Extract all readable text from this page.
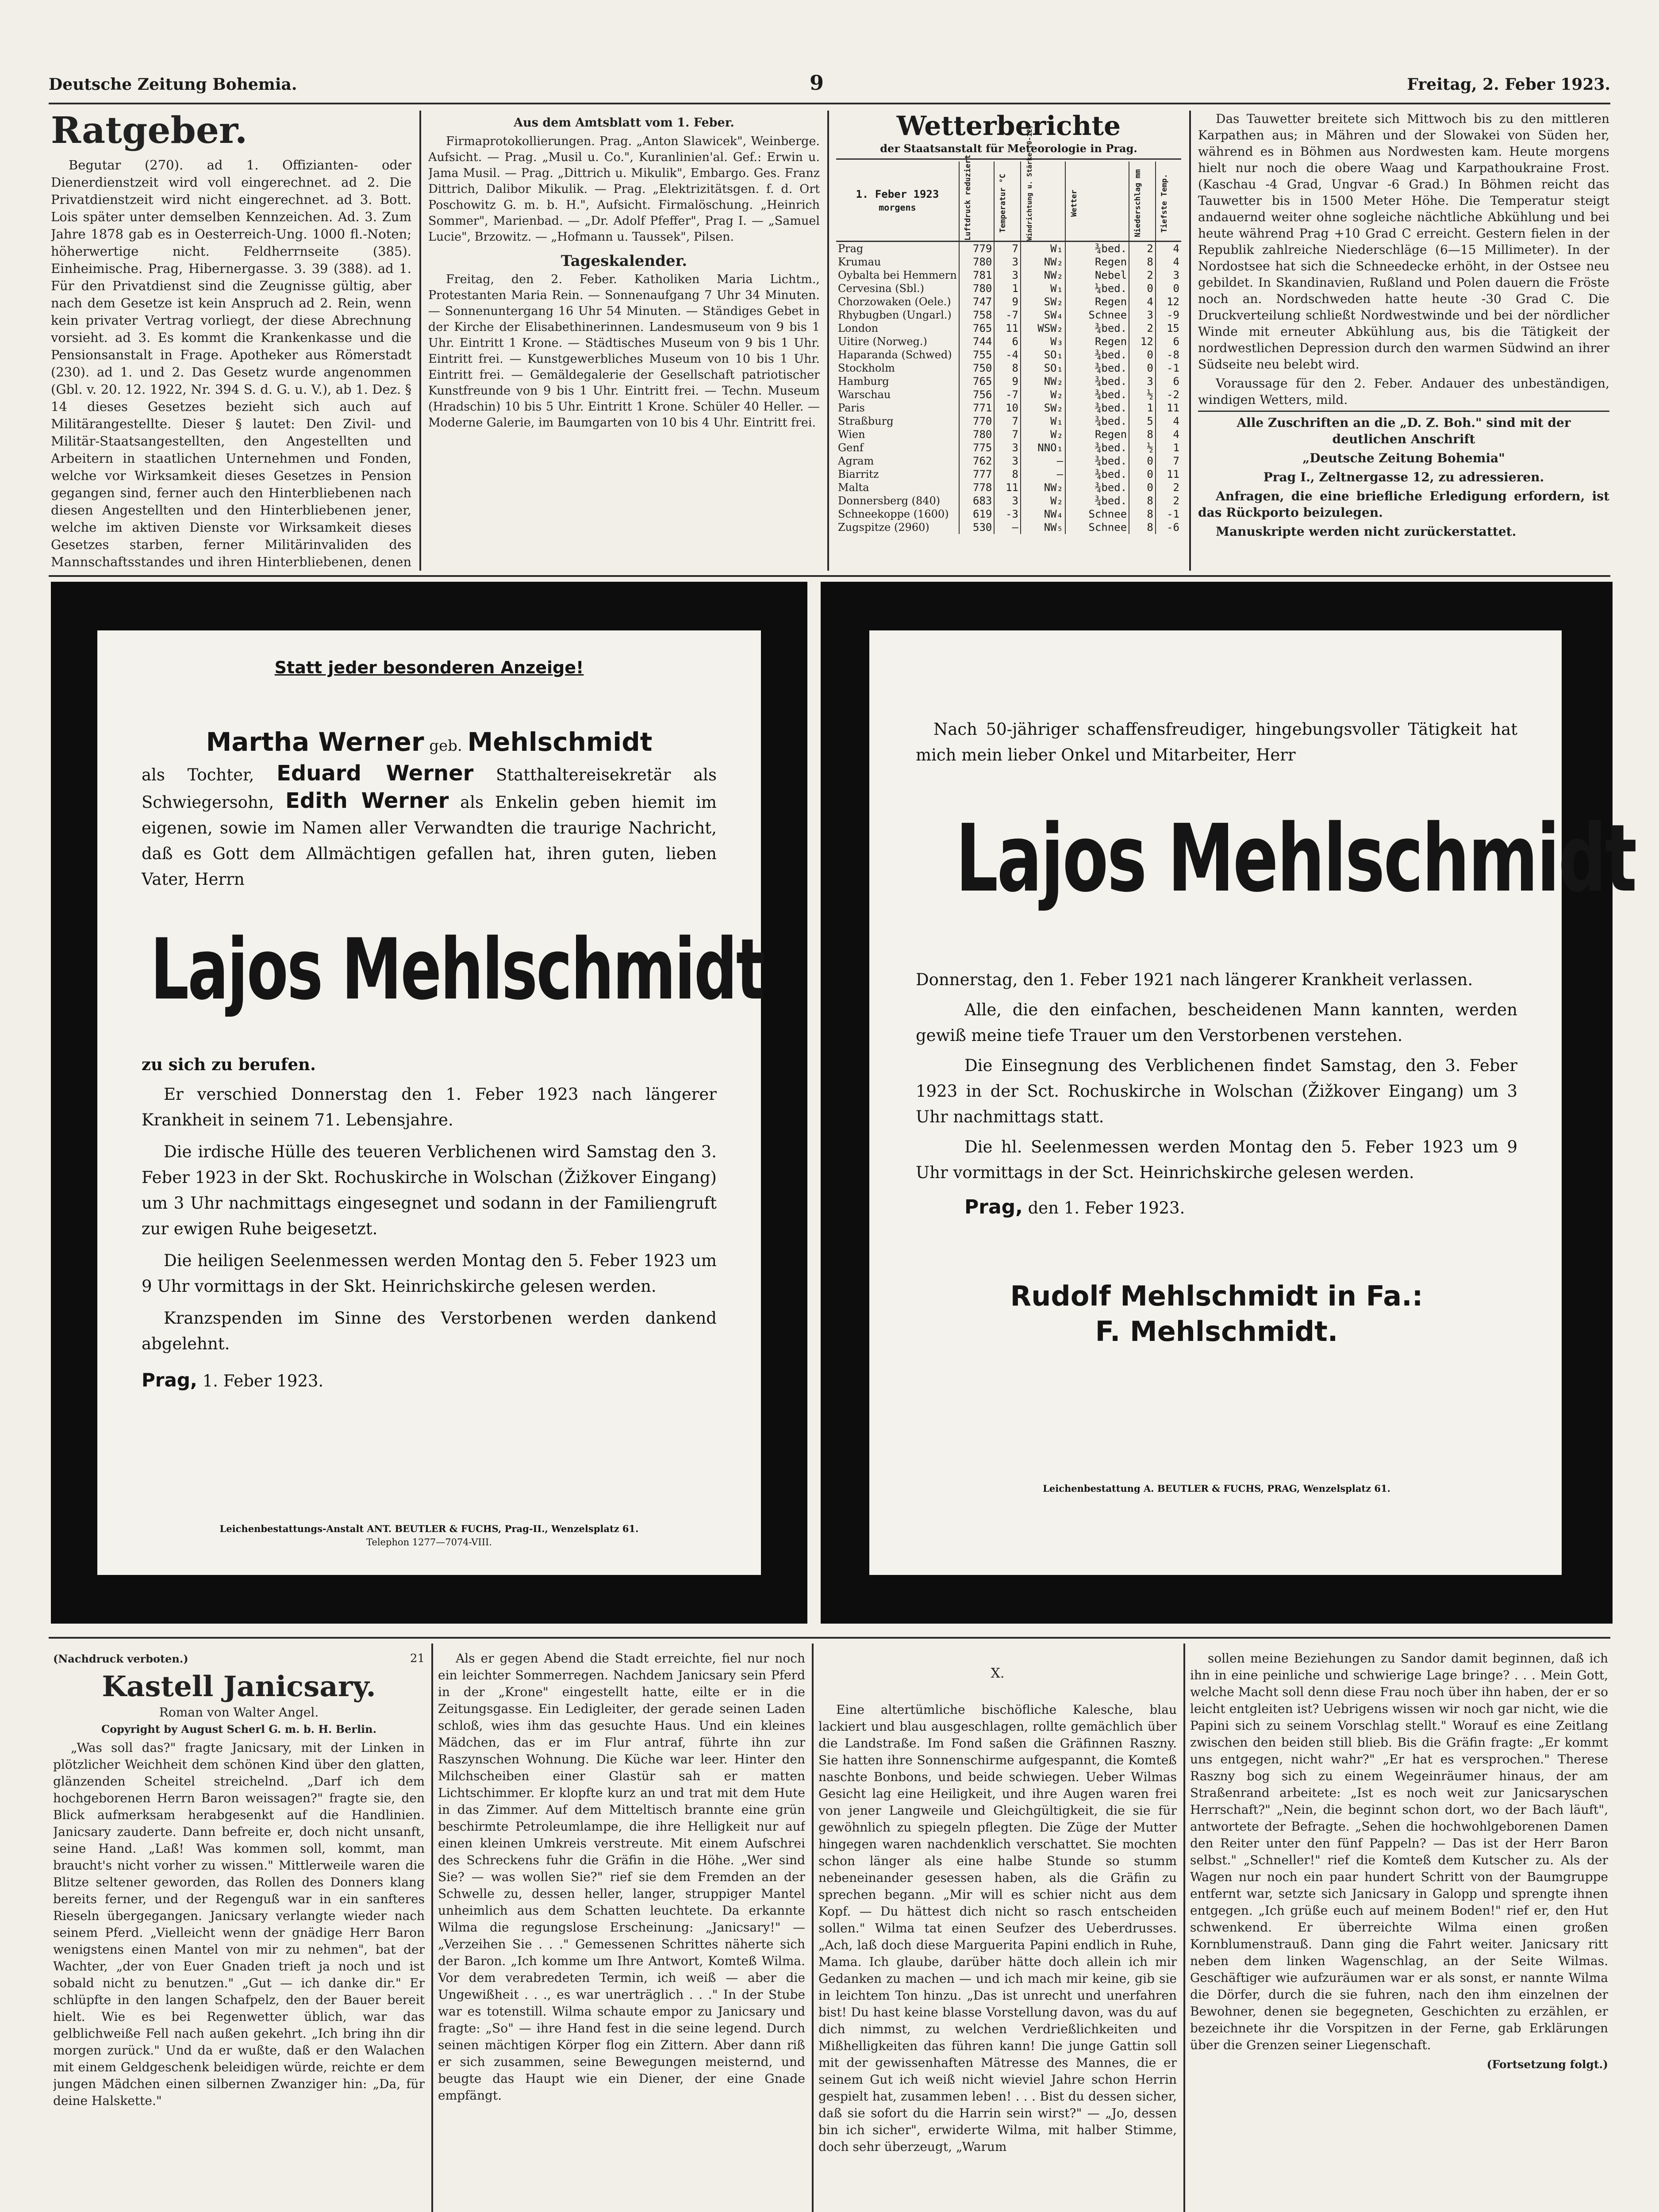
Deutsche Zeitung Bohemia.	9	Freitag, 2. Feber 1923.
Ratgeber.

Begutar (270). ad 1. Offizianten- oder Dienerdienstzeit wird voll eingerechnet. ad 2. Die Privatdienstzeit wird nicht eingerechnet. ad 3. Bott. Lois später unter demselben Kennzeichen. Ad. 3. Zum Jahre 1878 gab es in Oesterreich-Ung. 1000 fl.-Noten; höherwertige nicht. Feldherrnseite (385). Einheimische. Prag, Hibernergasse. 3. 39 (388). ad 1. Für den Privatdienst sind die Zeugnisse gültig, aber nach dem Gesetze ist kein Anspruch ad 2. Rein, wenn kein privater Vertrag vorliegt, der diese Abrechnung vorsieht. ad 3. Es kommt die Krankenkasse und die Pensionsanstalt in Frage. Apotheker aus Römerstadt (230). ad 1. und 2. Das Gesetz wurde angenommen (Gbl. v. 20. 12. 1922, Nr. 394 S. d. G. u. V.), ab 1. Dez. § 14 dieses Gesetzes bezieht sich auch auf Militärangestellte. Dieser § lautet: Den Zivil- und Militär-Staatsangestellten, den Angestellten und Arbeitern in staatlichen Unternehmen und Fonden, welche vor Wirksamkeit dieses Gesetzes in Pension gegangen sind, ferner auch den Hinterbliebenen nach diesen Angestellten und den Hinterbliebenen jener, welche im aktiven Dienste vor Wirksamkeit dieses Gesetzes starben, ferner Militärinvaliden des Mannschaftsstandes und ihren Hinterbliebenen, denen

Aus dem Amtsblatt vom 1. Feber.

Firmaprotokollierungen. Prag. „Anton Slawicek", Weinberge. Aufsicht. — Prag. „Musil u. Co.", Kuranlinien'al. Gef.: Erwin u. Jama Musil. — Prag. „Dittrich u. Mikulik", Embargo. Ges. Franz Dittrich, Dalibor Mikulik. — Prag. „Elektrizitätsgen. f. d. Ort Poschowitz G. m. b. H.", Aufsicht. Firmalöschung. „Heinrich Sommer", Marienbad. — „Dr. Adolf Pfeffer", Prag I. — „Samuel Lucie", Brzowitz. — „Hofmann u. Taussek", Pilsen.

Tageskalender.

Freitag, den 2. Feber. Katholiken Maria Lichtm., Protestanten Maria Rein. — Sonnenaufgang 7 Uhr 34 Minuten. — Sonnenuntergang 16 Uhr 54 Minuten. — Ständiges Gebet in der Kirche der Elisabethinerinnen. Landesmuseum von 9 bis 1 Uhr. Eintritt 1 Krone. — Städtisches Museum von 9 bis 1 Uhr. Eintritt frei. — Kunstgewerbliches Museum von 10 bis 1 Uhr. Eintritt frei. — Gemäldegalerie der Gesellschaft patriotischer Kunstfreunde von 9 bis 1 Uhr. Eintritt frei. — Techn. Museum (Hradschin) 10 bis 5 Uhr. Eintritt 1 Krone. Schüler 40 Heller. — Moderne Galerie, im Baumgarten von 10 bis 4 Uhr. Eintritt frei.

Wetterberichte
der Staatsanstalt für Meteorologie in Prag.
1. Feber 1923
morgens	Luftdruck reduziert	Temperatur °C	Windrichtung u. Stärke (0-12)	Wetter	Niederschlag mm	Tiefste Temp.

Prag	779	7	W₁	¾bed.	2	4
Krumau	780	3	NW₂	Regen	8	4
Oybalta bei Hemmern	781	3	NW₂	Nebel	2	3
Cervesina (Sbl.)	780	1	W₁	¼bed.	0	0
Chorzowaken (Oele.)	747	9	SW₂	Regen	4	12
Rhybugben (Ungarl.)	758	-7	SW₄	Schnee	3	-9
London	765	11	WSW₂	¾bed.	2	15
Uitire (Norweg.)	744	6	W₃	Regen	12	6
Haparanda (Schwed)	755	-4	SO₁	¾bed.	0	-8
Stockholm	750	8	SO₁	¾bed.	0	-1
Hamburg	765	9	NW₂	¾bed.	3	6
Warschau	756	-7	W₂	¾bed.	½	-2
Paris	771	10	SW₂	¾bed.	1	11
Straßburg	770	7	W₁	¾bed.	5	4
Wien	780	7	W₂	Regen	8	4
Genf	775	3	NNO₁	¾bed.	½	1
Agram	762	3	—	¾bed.	0	7
Biarritz	777	8	—	¾bed.	0	11
Malta	778	11	NW₂	¾bed.	0	2
Donnersberg (840)	683	3	W₂	¾bed.	8	2
Schneekoppe (1600)	619	-3	NW₄	Schnee	8	-1
Zugspitze (2960)	530	—	NW₅	Schnee	8	-6

Das Tauwetter breitete sich Mittwoch bis zu den mittleren Karpathen aus; in Mähren und der Slowakei von Süden her, während es in Böhmen aus Nordwesten kam. Heute morgens hielt nur noch die obere Waag und Karpathoukraine Frost. (Kaschau -4 Grad, Ungvar -6 Grad.) In Böhmen reicht das Tauwetter bis in 1500 Meter Höhe. Die Temperatur steigt andauernd weiter ohne sogleiche nächtliche Abkühlung und bei heute während Prag +10 Grad C erreicht. Gestern fielen in der Republik zahlreiche Niederschläge (6—15 Millimeter). In der Nordostsee hat sich die Schneedecke erhöht, in der Ostsee neu gebildet. In Skandinavien, Rußland und Polen dauern die Fröste noch an. Nordschweden hatte heute -30 Grad C. Die Druckverteilung schließt Nordwestwinde und bei der nördlicher Winde mit erneuter Abkühlung aus, bis die Tätigkeit der nordwestlichen Depression durch den warmen Südwind an ihrer Südseite neu belebt wird.

Voraussage für den 2. Feber. Andauer des unbeständigen, windigen Wetters, mild.

Alle Zuschriften an die „D. Z. Boh." sind mit der deutlichen Anschrift

„Deutsche Zeitung Bohemia"

Prag I., Zeltnergasse 12, zu adressieren.

Anfragen, die eine briefliche Erledigung erfordern, ist das Rückporto beizulegen.

Manuskripte werden nicht zurückerstattet.

Statt jeder besonderen Anzeige!

Martha Werner geb. Mehlschmidt

als Tochter, Eduard Werner Statthaltereisekretär als Schwiegersohn, Edith Werner als Enkelin geben hiemit im eigenen, sowie im Namen aller Verwandten die traurige Nachricht, daß es Gott dem Allmächtigen gefallen hat, ihren guten, lieben Vater, Herrn

Lajos Mehlschmidt

zu sich zu berufen.

Er verschied Donnerstag den 1. Feber 1923 nach längerer Krankheit in seinem 71. Lebensjahre.

Die irdische Hülle des teueren Verblichenen wird Samstag den 3. Feber 1923 in der Skt. Rochuskirche in Wolschan (Žižkover Eingang) um 3 Uhr nachmittags eingesegnet und sodann in der Familiengruft zur ewigen Ruhe beigesetzt.

Die heiligen Seelenmessen werden Montag den 5. Feber 1923 um 9 Uhr vormittags in der Skt. Heinrichskirche gelesen werden.

Kranzspenden im Sinne des Verstorbenen werden dankend abgelehnt.

Prag, 1. Feber 1923.

Leichenbestattungs-Anstalt ANT. BEUTLER & FUCHS, Prag-II., Wenzelsplatz 61.

Telephon 1277—7074-VIII.

Nach 50-jähriger schaffensfreudiger, hingebungsvoller Tätigkeit hat mich mein lieber Onkel und Mitarbeiter, Herr

Lajos Mehlschmidt

Donnerstag, den 1. Feber 1921 nach längerer Krankheit verlassen.

Alle, die den einfachen, bescheidenen Mann kannten, werden gewiß meine tiefe Trauer um den Verstorbenen verstehen.

Die Einsegnung des Verblichenen findet Samstag, den 3. Feber 1923 in der Sct. Rochuskirche in Wolschan (Žižkover Eingang) um 3 Uhr nachmittags statt.

Die hl. Seelenmessen werden Montag den 5. Feber 1923 um 9 Uhr vormittags in der Sct. Heinrichskirche gelesen werden.

Prag, den 1. Feber 1923.

Rudolf Mehlschmidt in Fa.:

F. Mehlschmidt.

Leichenbestattung A. BEUTLER & FUCHS, PRAG, Wenzelsplatz 61.

(Nachdruck verboten.)	21
Kastell Janicsary.
Roman von Walter Angel.
Copyright by August Scherl G. m. b. H. Berlin.

„Was soll das?" fragte Janicsary, mit der Linken in plötzlicher Weichheit dem schönen Kind über den glatten, glänzenden Scheitel streichelnd. „Darf ich dem hochgeborenen Herrn Baron weissagen?" fragte sie, den Blick aufmerksam herabgesenkt auf die Handlinien. Janicsary zauderte. Dann befreite er, doch nicht unsanft, seine Hand. „Laß! Was kommen soll, kommt, man braucht's nicht vorher zu wissen." Mittlerweile waren die Blitze seltener geworden, das Rollen des Donners klang bereits ferner, und der Regenguß war in ein sanfteres Rieseln übergegangen. Janicsary verlangte wieder nach seinem Pferd. „Vielleicht wenn der gnädige Herr Baron wenigstens einen Mantel von mir zu nehmen", bat der Wachter, „der von Euer Gnaden trieft ja noch und ist sobald nicht zu benutzen." „Gut — ich danke dir." Er schlüpfte in den langen Schafpelz, den der Bauer bereit hielt. Wie es bei Regenwetter üblich, war das gelblichweiße Fell nach außen gekehrt. „Ich bring ihn dir morgen zurück." Und da er wußte, daß er den Walachen mit einem Geldgeschenk beleidigen würde, reichte er dem jungen Mädchen einen silbernen Zwanziger hin: „Da, für deine Halskette."

Als er gegen Abend die Stadt erreichte, fiel nur noch ein leichter Sommerregen. Nachdem Janicsary sein Pferd in der „Krone" eingestellt hatte, eilte er in die Zeitungsgasse. Ein Ledigleiter, der gerade seinen Laden schloß, wies ihm das gesuchte Haus. Und ein kleines Mädchen, das er im Flur antraf, führte ihn zur Raszynschen Wohnung. Die Küche war leer. Hinter den Milchscheiben einer Glastür sah er matten Lichtschimmer. Er klopfte kurz an und trat mit dem Hute in das Zimmer. Auf dem Mitteltisch brannte eine grün beschirmte Petroleumlampe, die ihre Helligkeit nur auf einen kleinen Umkreis verstreute. Mit einem Aufschrei des Schreckens fuhr die Gräfin in die Höhe. „Wer sind Sie? — was wollen Sie?" rief sie dem Fremden an der Schwelle zu, dessen heller, langer, struppiger Mantel unheimlich aus dem Schatten leuchtete. Da erkannte Wilma die regungslose Erscheinung: „Janicsary!" — „Verzeihen Sie . . ." Gemessenen Schrittes näherte sich der Baron. „Ich komme um Ihre Antwort, Komteß Wilma. Vor dem verabredeten Termin, ich weiß — aber die Ungewißheit . . ., es war unerträglich . . ." In der Stube war es totenstill. Wilma schaute empor zu Janicsary und fragte: „So" — ihre Hand fest in die seine legend. Durch seinen mächtigen Körper flog ein Zittern. Aber dann riß er sich zusammen, seine Bewegungen meisternd, und beugte das Haupt wie ein Diener, der eine Gnade empfängt.

X.

Eine altertümliche bischöfliche Kalesche, blau lackiert und blau ausgeschlagen, rollte gemächlich über die Landstraße. Im Fond saßen die Gräfinnen Raszny. Sie hatten ihre Sonnenschirme aufgespannt, die Komteß naschte Bonbons, und beide schwiegen. Ueber Wilmas Gesicht lag eine Heiligkeit, und ihre Augen waren frei von jener Langweile und Gleichgültigkeit, die sie für gewöhnlich zu spiegeln pflegten. Die Züge der Mutter hingegen waren nachdenklich verschattet. Sie mochten schon länger als eine halbe Stunde so stumm nebeneinander gesessen haben, als die Gräfin zu sprechen begann. „Mir will es schier nicht aus dem Kopf. — Du hättest dich nicht so rasch entscheiden sollen." Wilma tat einen Seufzer des Ueberdrusses. „Ach, laß doch diese Marguerita Papini endlich in Ruhe, Mama. Ich glaube, darüber hätte doch allein ich mir Gedanken zu machen — und ich mach mir keine, gib sie in leichtem Ton hinzu. „Das ist unrecht und unerfahren bist! Du hast keine blasse Vorstellung davon, was du auf dich nimmst, zu welchen Verdrießlichkeiten und Mißhelligkeiten das führen kann! Die junge Gattin soll mit der gewissenhaften Mätresse des Mannes, die er seinem Gut ich weiß nicht wieviel Jahre schon Herrin gespielt hat, zusammen leben! . . . Bist du dessen sicher, daß sie sofort du die Harrin sein wirst?" — „Jo, dessen bin ich sicher", erwiderte Wilma, mit halber Stimme, doch sehr überzeugt, „Warum

sollen meine Beziehungen zu Sandor damit beginnen, daß ich ihn in eine peinliche und schwierige Lage bringe? . . . Mein Gott, welche Macht soll denn diese Frau noch über ihn haben, der er so leicht entgleiten ist? Uebrigens wissen wir noch gar nicht, wie die Papini sich zu seinem Vorschlag stellt." Worauf es eine Zeitlang zwischen den beiden still blieb. Bis die Gräfin fragte: „Er kommt uns entgegen, nicht wahr?" „Er hat es versprochen." Therese Raszny bog sich zu einem Wegeinräumer hinaus, der am Straßenrand arbeitete: „Ist es noch weit zur Janicsaryschen Herrschaft?" „Nein, die beginnt schon dort, wo der Bach läuft", antwortete der Befragte. „Sehen die hochwohlgeborenen Damen den Reiter unter den fünf Pappeln? — Das ist der Herr Baron selbst." „Schneller!" rief die Komteß dem Kutscher zu. Als der Wagen nur noch ein paar hundert Schritt von der Baumgruppe entfernt war, setzte sich Janicsary in Galopp und sprengte ihnen entgegen. „Ich grüße euch auf meinem Boden!" rief er, den Hut schwenkend. Er überreichte Wilma einen großen Kornblumenstrauß. Dann ging die Fahrt weiter. Janicsary ritt neben dem linken Wagenschlag, an der Seite Wilmas. Geschäftiger wie aufzuräumen war er als sonst, er nannte Wilma die Dörfer, durch die sie fuhren, nach den ihm einzelnen der Bewohner, denen sie begegneten, Geschichten zu erzählen, er bezeichnete ihr die Vorspitzen in der Ferne, gab Erklärungen über die Grenzen seiner Liegenschaft.

(Fortsetzung folgt.)
